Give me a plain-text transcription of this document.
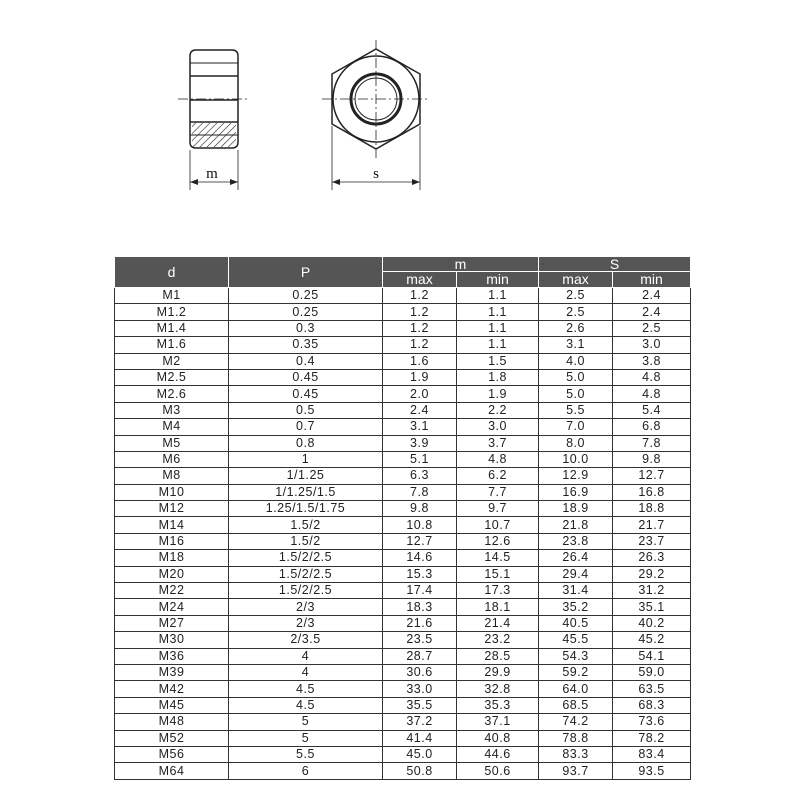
m	s
d	P	m		S	
		max	min	max	min
M1	0.25	1.2	1.1	2.5	2.4
M1.2	0.25	1.2	1.1	2.5	2.4
M1.4	0.3	1.2	1.1	2.6	2.5
M1.6	0.35	1.2	1.1	3.1	3.0
M2	0.4	1.6	1.5	4.0	3.8
M2.5	0.45	1.9	1.8	5.0	4.8
M2.6	0.45	2.0	1.9	5.0	4.8
M3	0.5	2.4	2.2	5.5	5.4
M4	0.7	3.1	3.0	7.0	6.8
M5	0.8	3.9	3.7	8.0	7.8
M6	1	5.1	4.8	10.0	9.8
M8	1/1.25	6.3	6.2	12.9	12.7
M10	1/1.25/1.5	7.8	7.7	16.9	16.8
M12	1.25/1.5/1.75	9.8	9.7	18.9	18.8
M14	1.5/2	10.8	10.7	21.8	21.7
M16	1.5/2	12.7	12.6	23.8	23.7
M18	1.5/2/2.5	14.6	14.5	26.4	26.3
M20	1.5/2/2.5	15.3	15.1	29.4	29.2
M22	1.5/2/2.5	17.4	17.3	31.4	31.2
M24	2/3	18.3	18.1	35.2	35.1
M27	2/3	21.6	21.4	40.5	40.2
M30	2/3.5	23.5	23.2	45.5	45.2
M36	4	28.7	28.5	54.3	54.1
M39	4	30.6	29.9	59.2	59.0
M42	4.5	33.0	32.8	64.0	63.5
M45	4.5	35.5	35.3	68.5	68.3
M48	5	37.2	37.1	74.2	73.6
M52	5	41.4	40.8	78.8	78.2
M56	5.5	45.0	44.6	83.3	83.4
M64	6	50.8	50.6	93.7	93.5
